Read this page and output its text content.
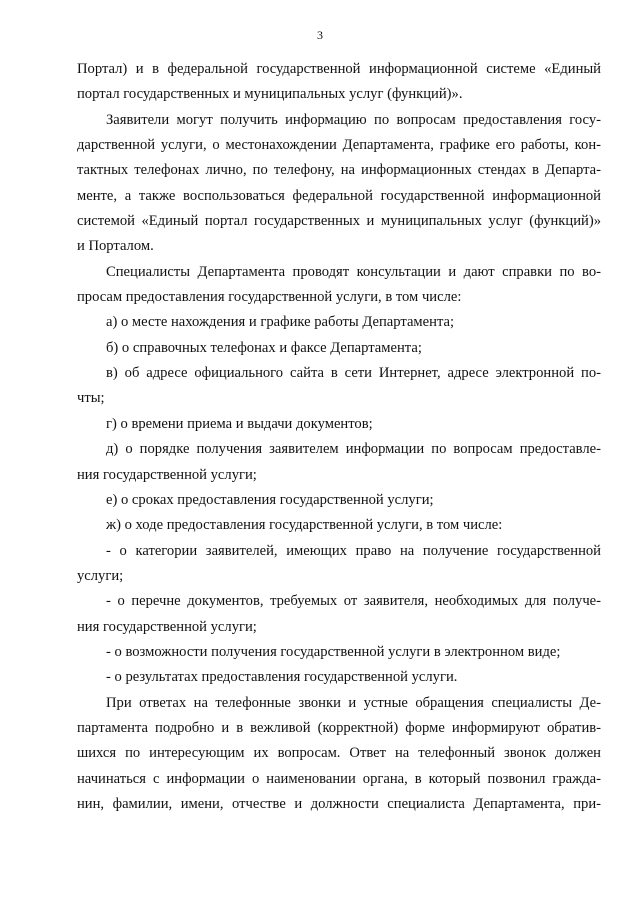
3
Портал) и в федеральной государственной информационной системе «Единый
портал государственных и муниципальных услуг (функций)».
Заявители могут получить информацию по вопросам предоставления госу-
дарственной услуги, о местонахождении Департамента, графике его работы, кон-
тактных телефонах лично, по телефону, на информационных стендах в Департа-
менте, а также воспользоваться федеральной государственной информационной
системой «Единый портал государственных и муниципальных услуг (функций)»
и Порталом.
Специалисты Департамента проводят консультации и дают справки по во-
просам предоставления государственной услуги, в том числе:
а) о месте нахождения и графике работы Департамента;
б) о справочных телефонах и факсе Департамента;
в) об адресе официального сайта в сети Интернет, адресе электронной по-
чты;
г) о времени приема и выдачи документов;
д) о порядке получения заявителем информации по вопросам предоставле-
ния государственной услуги;
е) о сроках предоставления государственной услуги;
ж) о ходе предоставления государственной услуги, в том числе:
- о категории заявителей, имеющих право на получение государственной
услуги;
- о перечне документов, требуемых от заявителя, необходимых для получе-
ния государственной услуги;
- о возможности получения государственной услуги в электронном виде;
- о результатах предоставления государственной услуги.
При ответах на телефонные звонки и устные обращения специалисты Де-
партамента подробно и в вежливой (корректной) форме информируют обратив-
шихся по интересующим их вопросам. Ответ на телефонный звонок должен
начинаться с информации о наименовании органа, в который позвонил гражда-
нин, фамилии, имени, отчестве и должности специалиста Департамента, при-
